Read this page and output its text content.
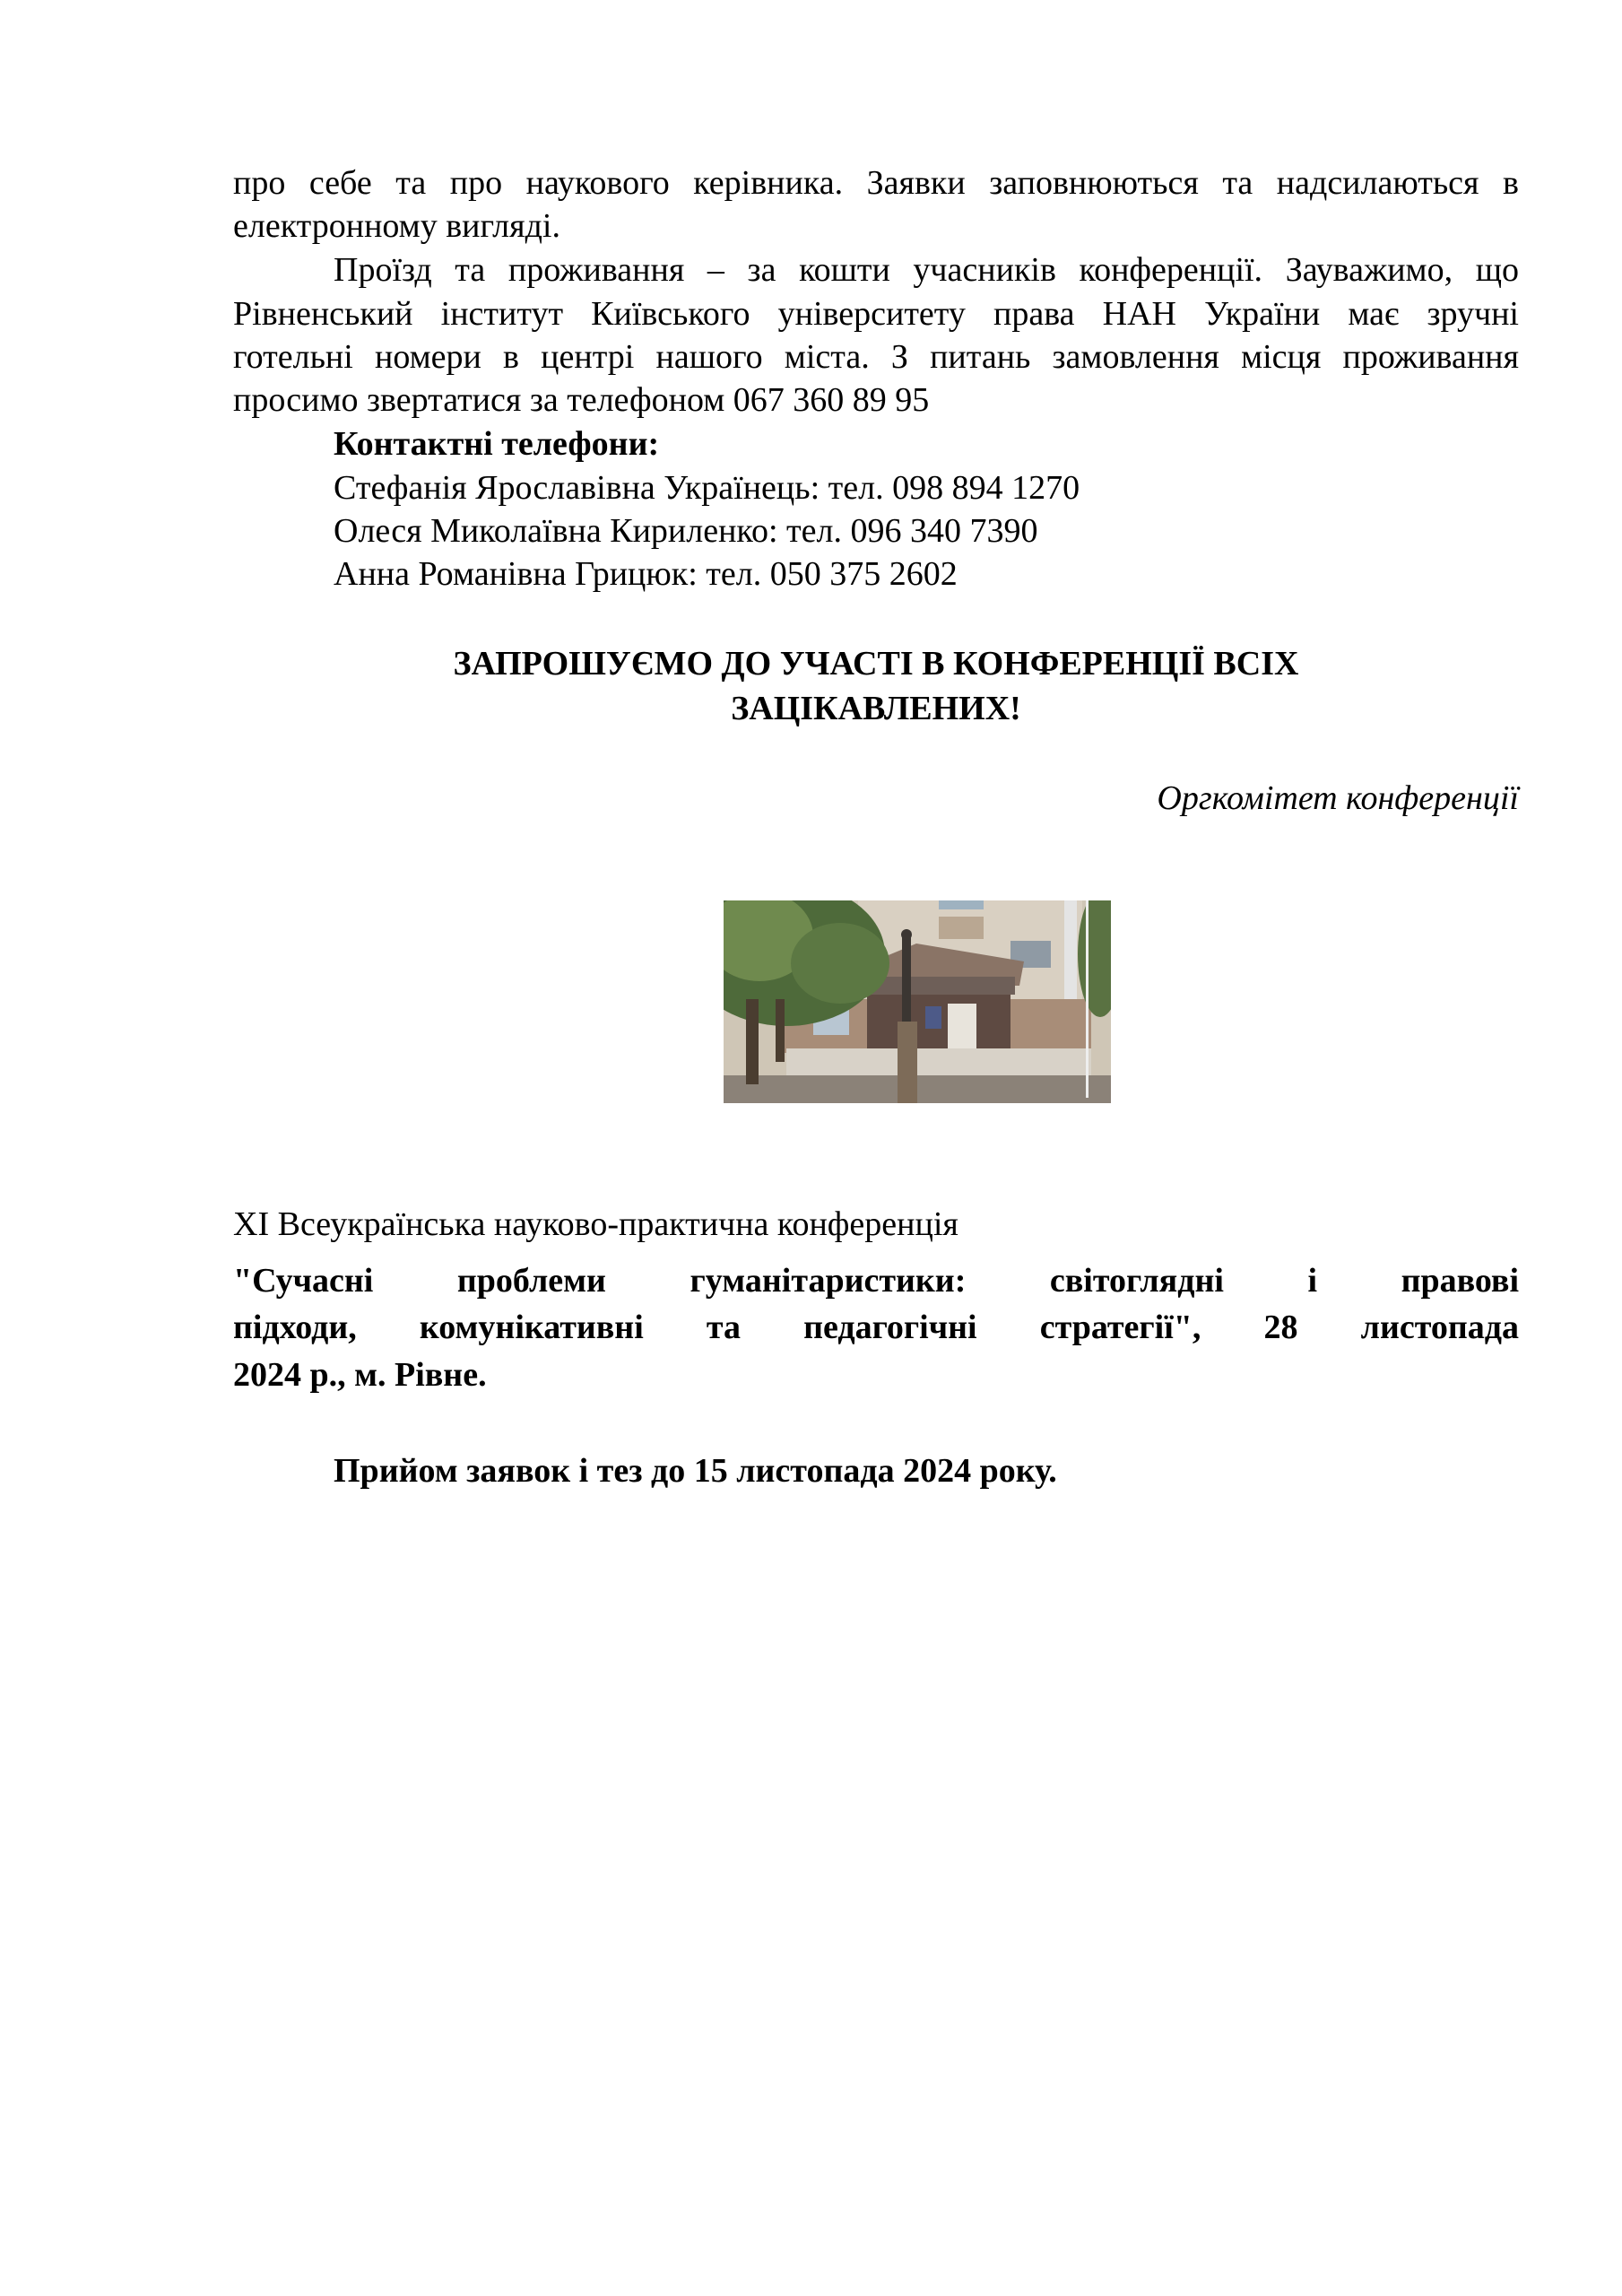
про себе та про наукового керівника. Заявки заповнюються та надсилаються в
електронному вигляді.
Проїзд та проживання – за кошти учасників конференції. Зауважимо, що
Рівненський інститут Київського університету права НАН України має зручні
готельні номери в центрі нашого міста. З питань замовлення місця проживання
просимо звертатися за телефоном 067 360 89 95
Контактні телефони:
Стефанія Ярославівна Українець: тел. 098 894 1270
Олеся Миколаївна Кириленко: тел. 096 340 7390
Анна Романівна Грицюк: тел. 050 375 2602
ЗАПРОШУЄМО ДО УЧАСТІ В КОНФЕРЕНЦІЇ ВСІХ
ЗАЦІКАВЛЕНИХ!
Оргкомітет конференції
XI Всеукраїнська науково-практична конференція
"Сучасні проблеми гуманітаристики: світоглядні і правові
підходи, комунікативні та педагогічні стратегії", 28 листопада
2024 р., м. Рівне.
Прийом заявок і тез до 15 листопада 2024 року.
